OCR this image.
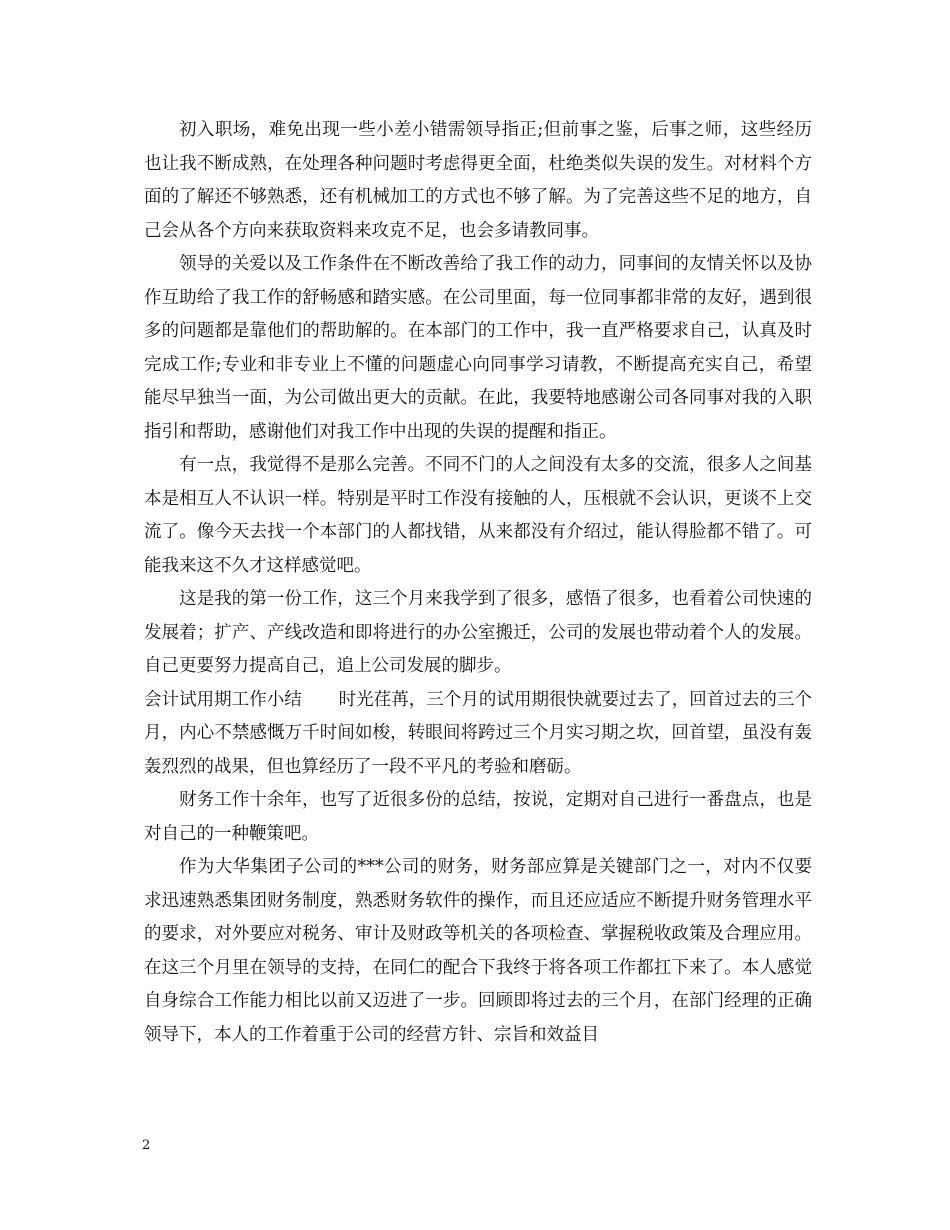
初入职场，难免出现一些小差小错需领导指正;但前事之鉴，后事之师，这些经历也让我不断成熟，在处理各种问题时考虑得更全面，杜绝类似失误的发生。对材料个方面的了解还不够熟悉，还有机械加工的方式也不够了解。为了完善这些不足的地方，自己会从各个方向来获取资料来攻克不足，也会多请教同事。

领导的关爱以及工作条件在不断改善给了我工作的动力，同事间的友情关怀以及协作互助给了我工作的舒畅感和踏实感。在公司里面，每一位同事都非常的友好，遇到很多的问题都是靠他们的帮助解的。在本部门的工作中，我一直严格要求自己，认真及时完成工作;专业和非专业上不懂的问题虚心向同事学习请教，不断提高充实自己，希望能尽早独当一面，为公司做出更大的贡献。在此，我要特地感谢公司各同事对我的入职指引和帮助，感谢他们对我工作中出现的失误的提醒和指正。

有一点，我觉得不是那么完善。不同不门的人之间没有太多的交流，很多人之间基本是相互人不认识一样。特别是平时工作没有接触的人，压根就不会认识，更谈不上交流了。像今天去找一个本部门的人都找错，从来都没有介绍过，能认得脸都不错了。可能我来这不久才这样感觉吧。

这是我的第一份工作，这三个月来我学到了很多，感悟了很多，也看着公司快速的发展着；扩产、产线改造和即将进行的办公室搬迁，公司的发展也带动着个人的发展。自己更要努力提高自己，追上公司发展的脚步。

会计试用期工作小结 时光荏苒，三个月的试用期很快就要过去了，回首过去的三个月，内心不禁感慨万千时间如梭，转眼间将跨过三个月实习期之坎，回首望，虽没有轰轰烈烈的战果，但也算经历了一段不平凡的考验和磨砺。

财务工作十余年，也写了近很多份的总结，按说，定期对自己进行一番盘点，也是对自己的一种鞭策吧。

作为大华集团子公司的***公司的财务，财务部应算是关键部门之一，对内不仅要求迅速熟悉集团财务制度，熟悉财务软件的操作，而且还应适应不断提升财务管理水平的要求，对外要应对税务、审计及财政等机关的各项检查、掌握税收政策及合理应用。在这三个月里在领导的支持，在同仁的配合下我终于将各项工作都扛下来了。本人感觉自身综合工作能力相比以前又迈进了一步。回顾即将过去的三个月，在部门经理的正确领导下，本人的工作着重于公司的经营方针、宗旨和效益目

2
